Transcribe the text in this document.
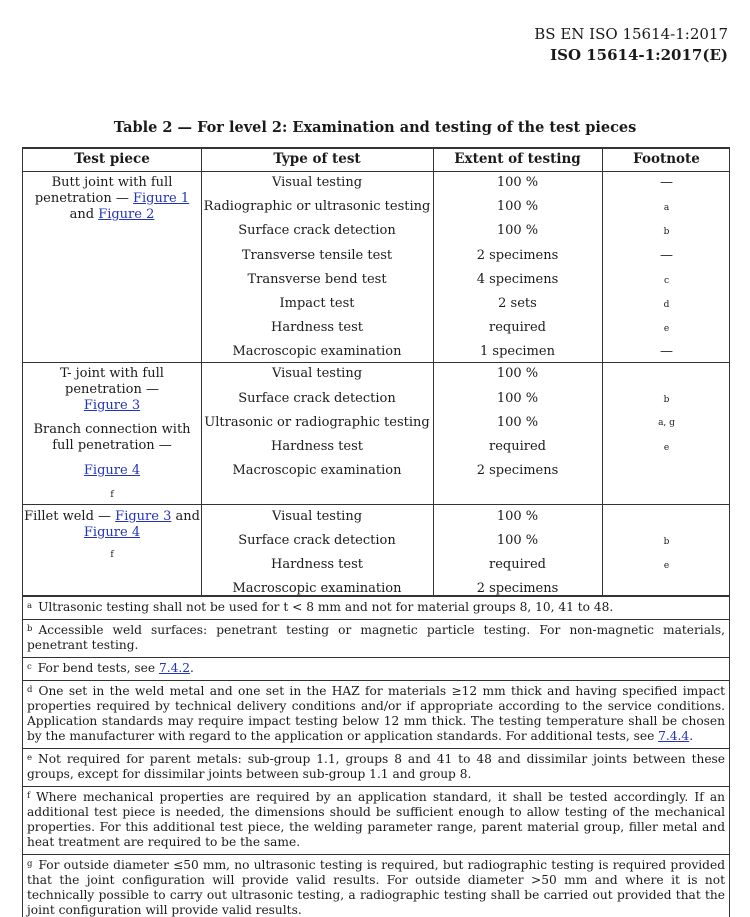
BS EN ISO 15614-1:2017
ISO 15614-1:2017(E)
Table 2 — For level 2: Examination and testing of the test pieces
Test piece	Type of test	Extent of testing	Footnote
Butt joint with full
penetration — Figure 1
and Figure 2
Visual testing	100 %	—
Radiographic or ultrasonic testing	100 %	a
Surface crack detection	100 %	b
Transverse tensile test	2 specimens	—
Transverse bend test	4 specimens	c
Impact test	2 sets	d
Hardness test	required	e
Macroscopic examination	1 specimen	—
T- joint with full
penetration —
Figure 3
Branch connection with
full penetration —
Figure 4
f
Visual testing	100 %
Surface crack detection	100 %	b
Ultrasonic or radiographic testing	100 %	a, g
Hardness test	required	e
Macroscopic examination	2 specimens
Fillet weld — Figure 3 and
Figure 4
f
Visual testing	100 %
Surface crack detection	100 %	b
Hardness test	required	e
Macroscopic examination	2 specimens
$^a$ Ultrasonic testing shall not be used for t < 8 mm and not for material groups 8, 10, 41 to 48.
$^b$ Accessible weld surfaces: penetrant testing or magnetic particle testing. For non-magnetic materials, penetrant testing.
$^c$ For bend tests, see 7.4.2.
$^d$ One set in the weld metal and one set in the HAZ for materials ≥12 mm thick and having specified impact properties required by technical delivery conditions and/or if appropriate according to the service conditions. Application standards may require impact testing below 12 mm thick. The testing temperature shall be chosen by the manufacturer with regard to the application or application standards. For additional tests, see 7.4.4.
$^e$ Not required for parent metals: sub-group 1.1, groups 8 and 41 to 48 and dissimilar joints between these groups, except for dissimilar joints between sub-group 1.1 and group 8.
$^f$ Where mechanical properties are required by an application standard, it shall be tested accordingly. If an additional test piece is needed, the dimensions should be sufficient enough to allow testing of the mechanical properties. For this additional test piece, the welding parameter range, parent material group, filler metal and heat treatment are required to be the same.
$^g$ For outside diameter ≤50 mm, no ultrasonic testing is required, but radiographic testing is required provided that the joint configuration will provide valid results. For outside diameter >50 mm and where it is not technically possible to carry out ultrasonic testing, a radiographic testing shall be carried out provided that the joint configuration will provide valid results.
